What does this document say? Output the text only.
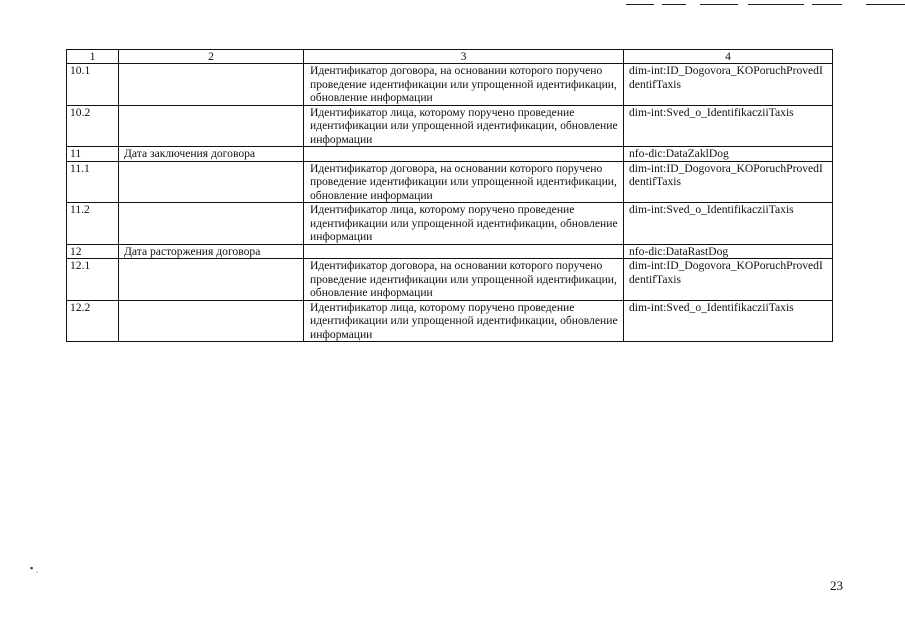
1	2	3	4
10.1		Идентификатор договора, на основании которого поручено проведение идентификации или упрощенной идентификации, обновление информации	dim-int:ID_Dogovora_KOPoruchProvedIdentifTaxis
10.2		Идентификатор лица, которому поручено проведение идентификации или упрощенной идентификации, обновление информации	dim-int:Sved_o_IdentifikacziiTaxis
11	Дата заключения договора		nfo-dic:DataZaklDog
11.1		Идентификатор договора, на основании которого поручено проведение идентификации или упрощенной идентификации, обновление информации	dim-int:ID_Dogovora_KOPoruchProvedIdentifTaxis
11.2		Идентификатор лица, которому поручено проведение идентификации или упрощенной идентификации, обновление информации	dim-int:Sved_o_IdentifikacziiTaxis
12	Дата расторжения договора		nfo-dic:DataRastDog
12.1		Идентификатор договора, на основании которого поручено проведение идентификации или упрощенной идентификации, обновление информации	dim-int:ID_Dogovora_KOPoruchProvedIdentifTaxis
12.2		Идентификатор лица, которому поручено проведение идентификации или упрощенной идентификации, обновление информации	dim-int:Sved_o_IdentifikacziiTaxis
▪ ˌ
23
